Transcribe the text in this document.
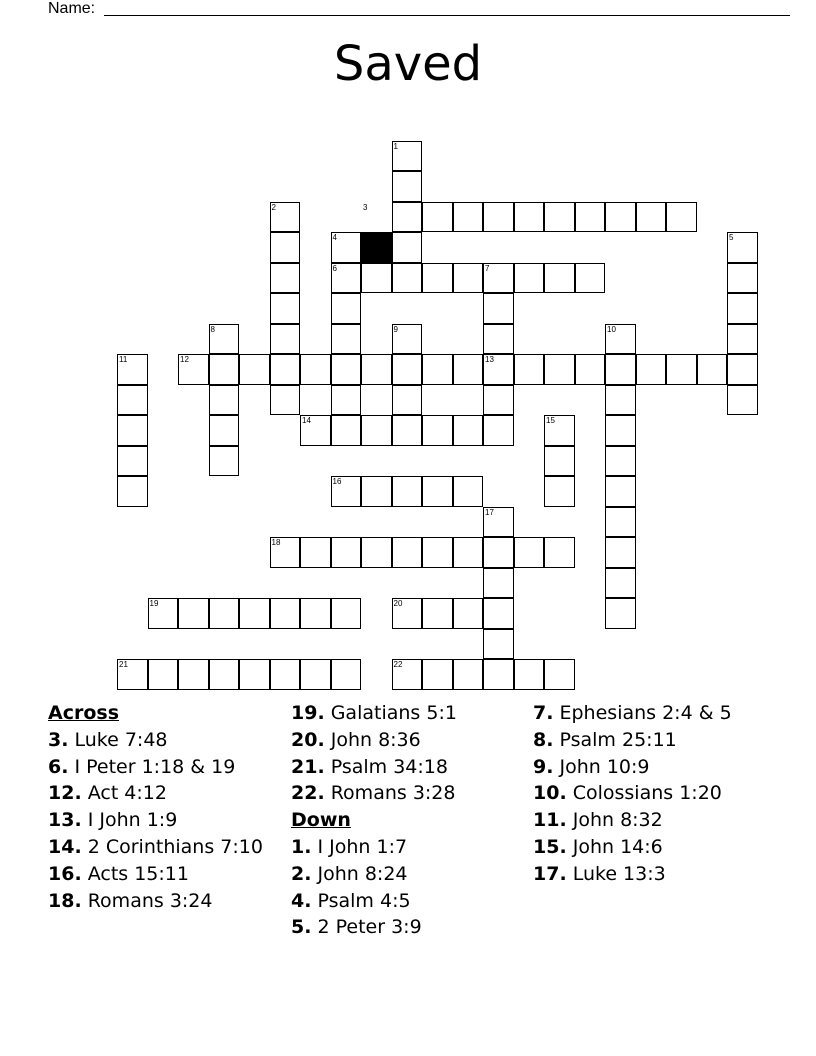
Name:
Saved
1
2	3
4	5
6	7
8	9	10
11	12	13
14	15
16
17
18
19	20
21	22
Across
3. Luke 7:48
6. I Peter 1:18 & 19
12. Act 4:12
13. I John 1:9
14. 2 Corinthians 7:10
16. Acts 15:11
18. Romans 3:24
19. Galatians 5:1
20. John 8:36
21. Psalm 34:18
22. Romans 3:28
Down
1. I John 1:7
2. John 8:24
4. Psalm 4:5
5. 2 Peter 3:9
7. Ephesians 2:4 & 5
8. Psalm 25:11
9. John 10:9
10. Colossians 1:20
11. John 8:32
15. John 14:6
17. Luke 13:3
